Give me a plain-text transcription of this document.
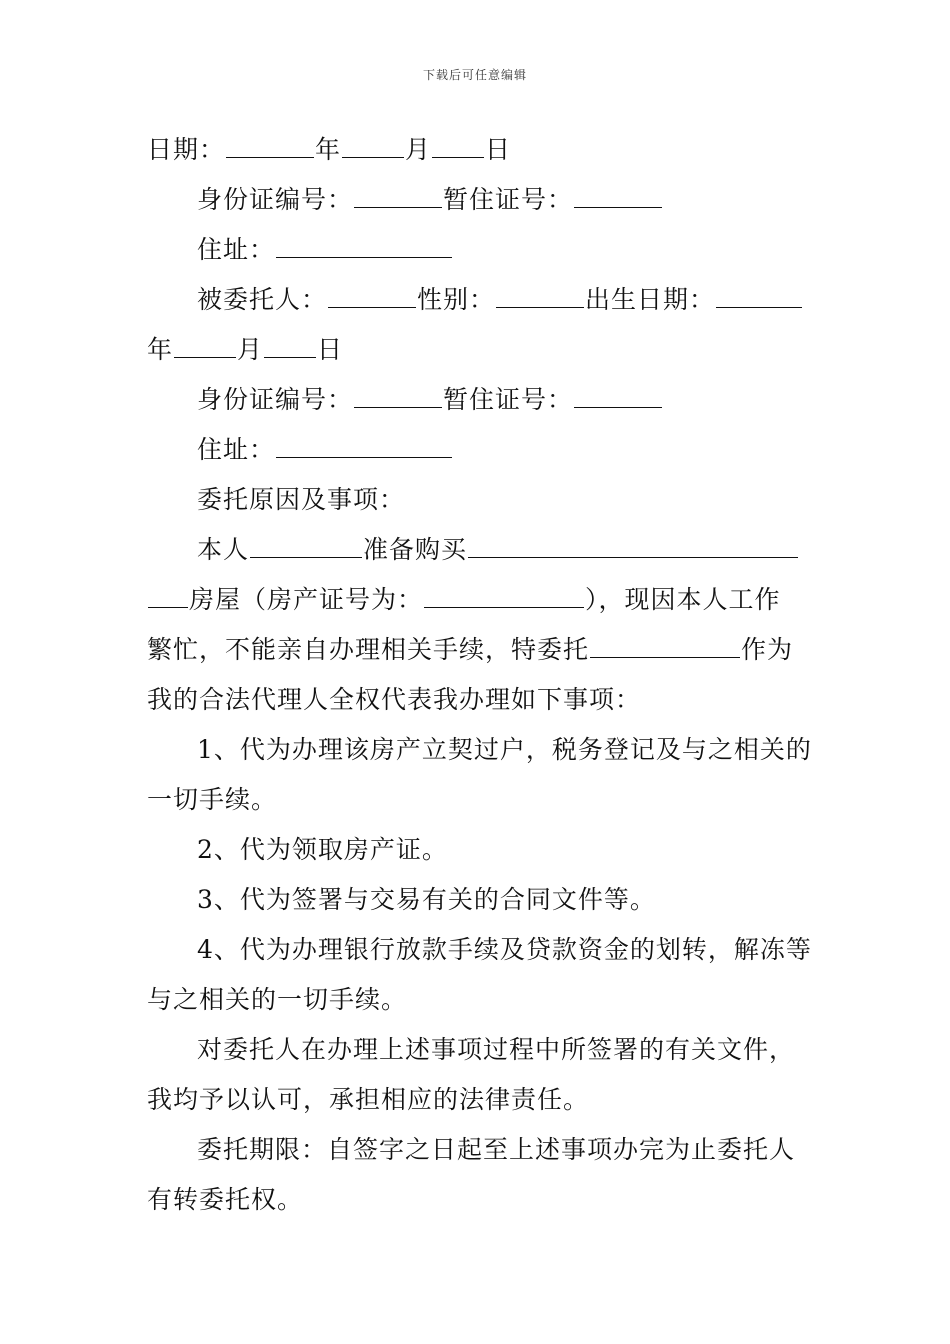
下载后可任意编辑
日期：	年	月 日
身份证编号：	暂住证号：
住址：
被委托人：	性别：	出生日期：
年	月 日
身份证编号：	暂住证号：
住址：
委托原因及事项：
本人	准备购买
房屋（房产证号为：	），现因本人工作
繁忙，不能亲自办理相关手续，特委托	作为
我的合法代理人全权代表我办理如下事项：
1、代为办理该房产立契过户，税务登记及与之相关的
一切手续。
2、代为领取房产证。
3、代为签署与交易有关的合同文件等。
4、代为办理银行放款手续及贷款资金的划转，解冻等
与之相关的一切手续。
对委托人在办理上述事项过程中所签署的有关文件，
我均予以认可，承担相应的法律责任。
委托期限：自签字之日起至上述事项办完为止委托人
有转委托权。
